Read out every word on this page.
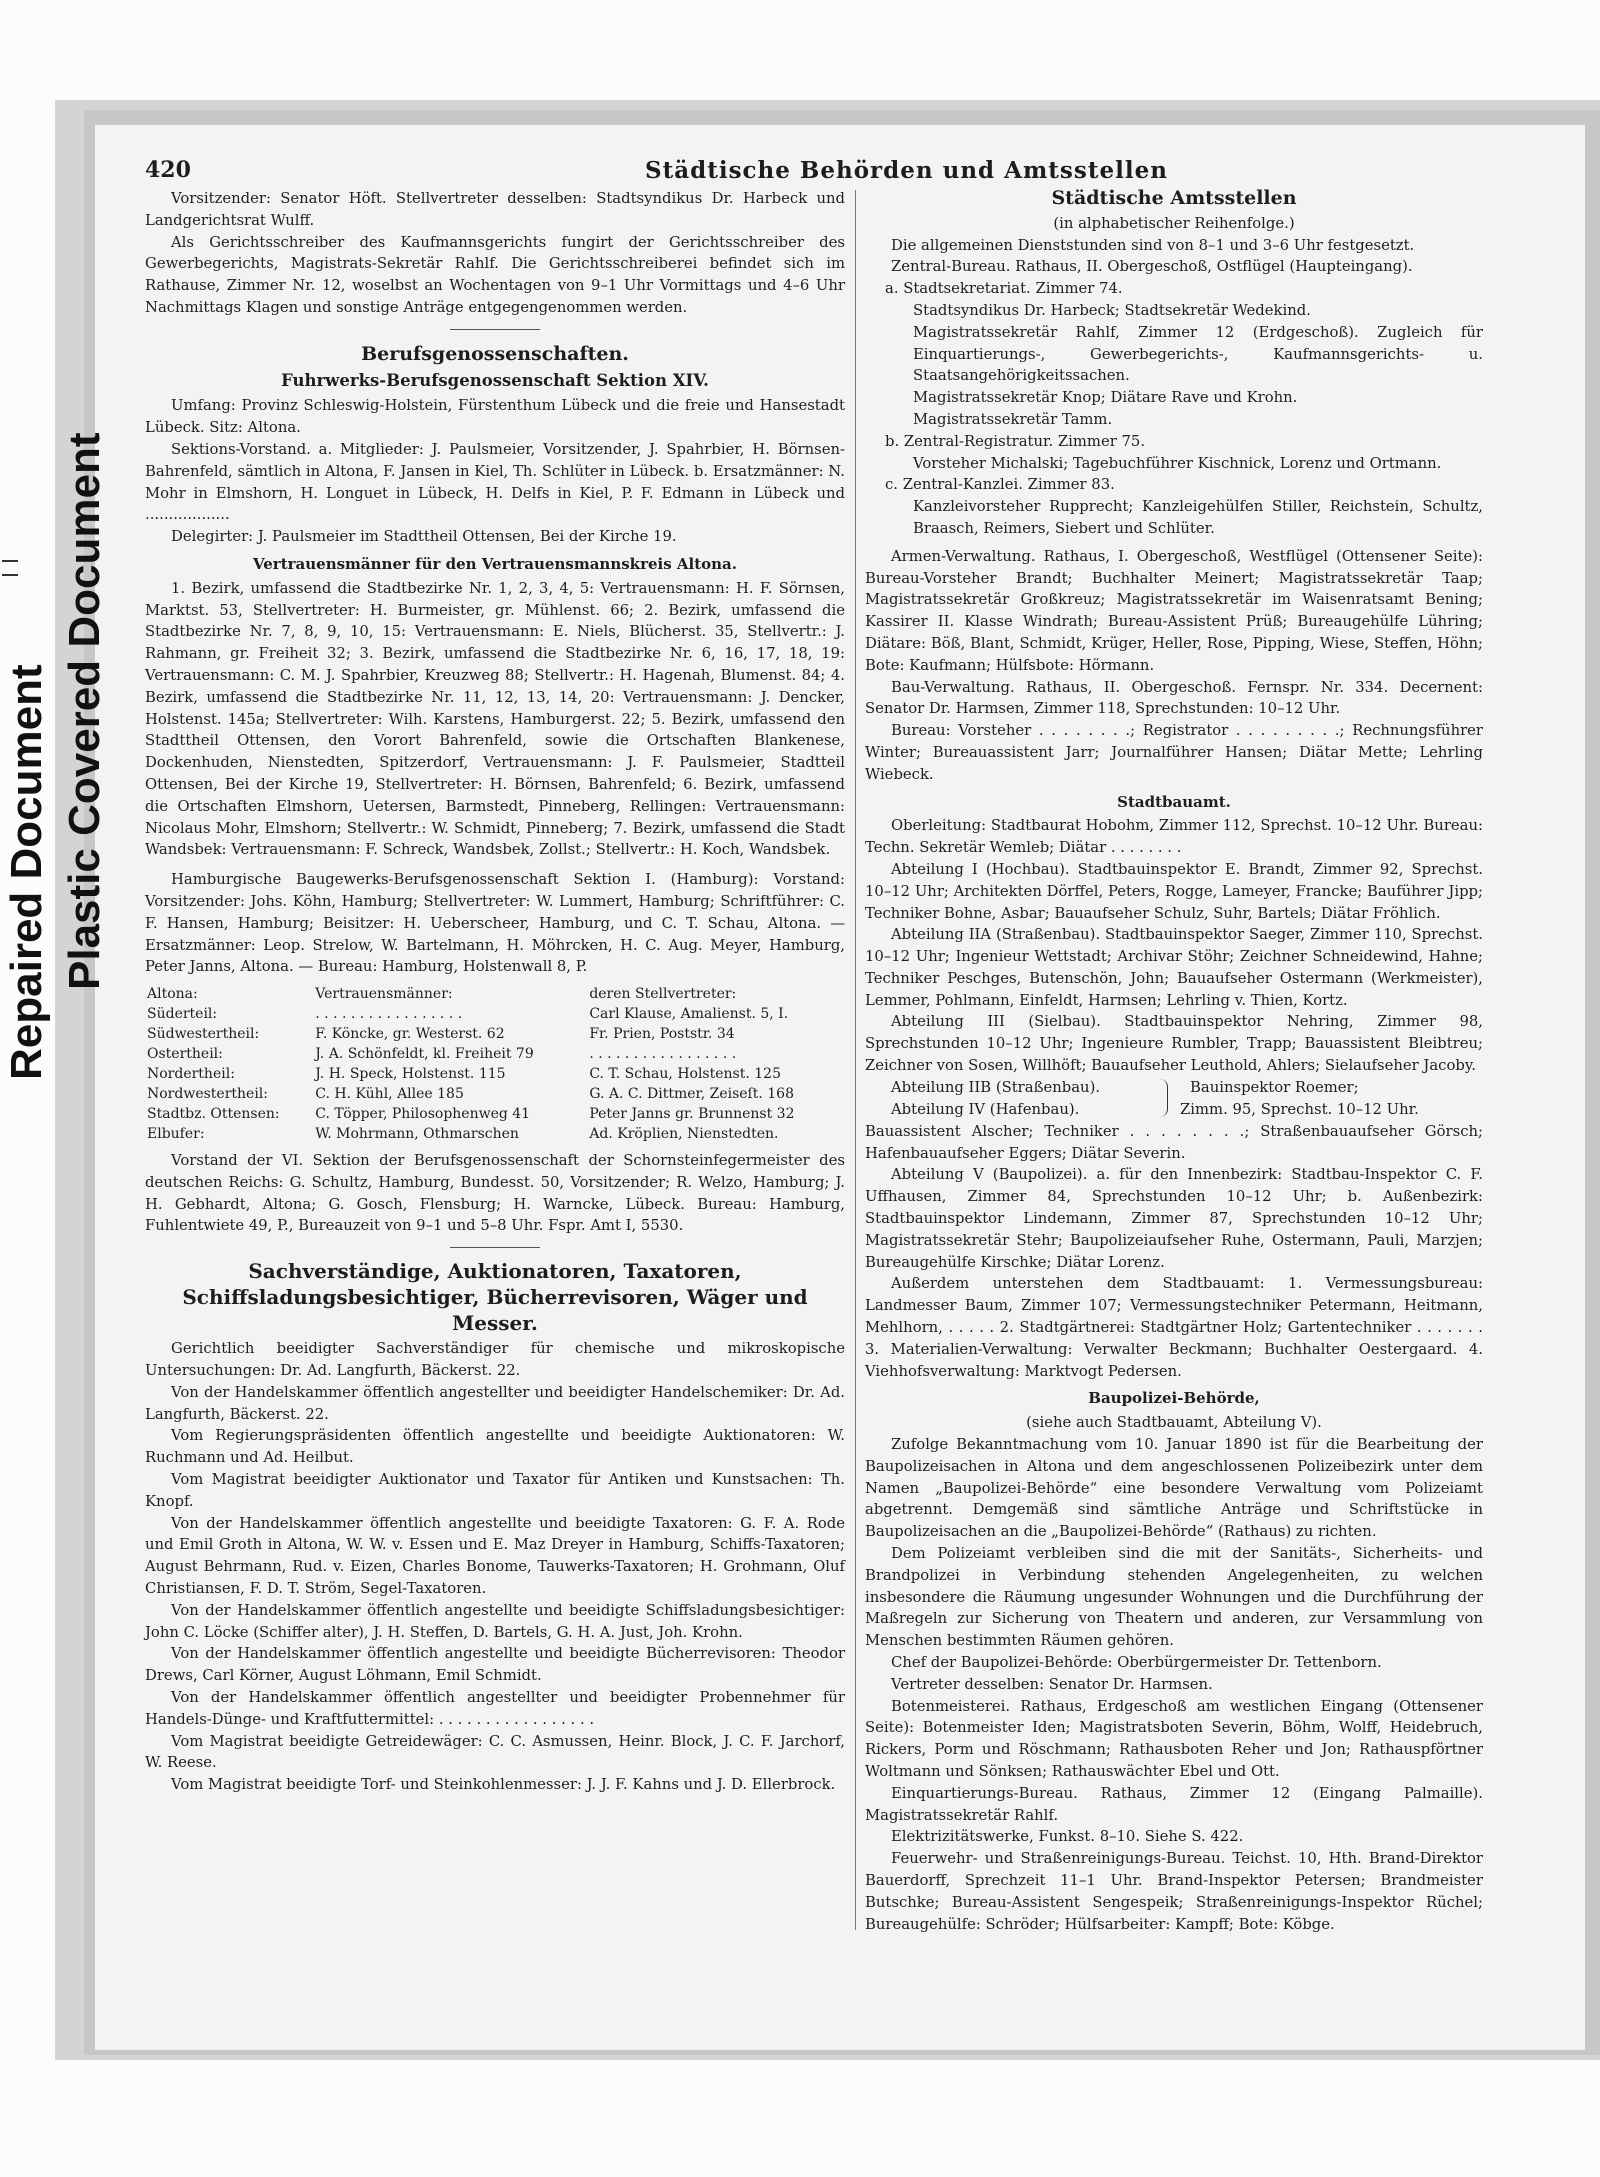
Repaired Document Plastic Covered Document
420	Städtische Behörden und Amtsstellen

Vorsitzender: Senator Höft. Stellvertreter desselben: Stadtsyndikus Dr. Harbeck und Landgerichtsrat Wulff.

Als Gerichtsschreiber des Kaufmannsgerichts fungirt der Gerichtsschreiber des Gewerbegerichts, Magistrats-Sekretär Rahlf. Die Gerichtsschreiberei befindet sich im Rathause, Zimmer Nr. 12, woselbst an Wochentagen von 9–1 Uhr Vormittags und 4–6 Uhr Nachmittags Klagen und sonstige Anträge entgegengenommen werden.

Berufsgenossenschaften.

Fuhrwerks-Berufsgenossenschaft Sektion XIV.

Umfang: Provinz Schleswig-Holstein, Fürstenthum Lübeck und die freie und Hansestadt Lübeck. Sitz: Altona.

Sektions-Vorstand. a. Mitglieder: J. Paulsmeier, Vorsitzender, J. Spahrbier, H. Börnsen-Bahrenfeld, sämtlich in Altona, F. Jansen in Kiel, Th. Schlüter in Lübeck. b. Ersatzmänner: N. Mohr in Elmshorn, H. Longuet in Lübeck, H. Delfs in Kiel, P. F. Edmann in Lübeck und ..................

Delegirter: J. Paulsmeier im Stadttheil Ottensen, Bei der Kirche 19.

Vertrauensmänner für den Vertrauensmannskreis Altona.

1. Bezirk, umfassend die Stadtbezirke Nr. 1, 2, 3, 4, 5: Vertrauensmann: H. F. Sörnsen, Marktst. 53, Stellvertreter: H. Burmeister, gr. Mühlenst. 66; 2. Bezirk, umfassend die Stadtbezirke Nr. 7, 8, 9, 10, 15: Vertrauensmann: E. Niels, Blücherst. 35, Stellvertr.: J. Rahmann, gr. Freiheit 32; 3. Bezirk, umfassend die Stadtbezirke Nr. 6, 16, 17, 18, 19: Vertrauensmann: C. M. J. Spahrbier, Kreuzweg 88; Stellvertr.: H. Hagenah, Blumenst. 84; 4. Bezirk, umfassend die Stadtbezirke Nr. 11, 12, 13, 14, 20: Vertrauensmann: J. Dencker, Holstenst. 145a; Stellvertreter: Wilh. Karstens, Hamburgerst. 22; 5. Bezirk, umfassend den Stadttheil Ottensen, den Vorort Bahrenfeld, sowie die Ortschaften Blankenese, Dockenhuden, Nienstedten, Spitzerdorf, Vertrauensmann: J. F. Paulsmeier, Stadtteil Ottensen, Bei der Kirche 19, Stellvertreter: H. Börnsen, Bahrenfeld; 6. Bezirk, umfassend die Ortschaften Elmshorn, Uetersen, Barmstedt, Pinneberg, Rellingen: Vertrauensmann: Nicolaus Mohr, Elmshorn; Stellvertr.: W. Schmidt, Pinneberg; 7. Bezirk, umfassend die Stadt Wandsbek: Vertrauensmann: F. Schreck, Wandsbek, Zollst.; Stellvertr.: H. Koch, Wandsbek.

Hamburgische Baugewerks-Berufsgenossenschaft Sektion I. (Hamburg): Vorstand: Vorsitzender: Johs. Köhn, Hamburg; Stellvertreter: W. Lummert, Hamburg; Schriftführer: C. F. Hansen, Hamburg; Beisitzer: H. Ueberscheer, Hamburg, und C. T. Schau, Altona. — Ersatzmänner: Leop. Strelow, W. Bartelmann, H. Möhrcken, H. C. Aug. Meyer, Hamburg, Peter Janns, Altona. — Bureau: Hamburg, Holstenwall 8, P.

Altona:	Vertrauensmänner:	deren Stellvertreter:
Süderteil:	. . . . . . . . . . . . . . . . .	Carl Klause, Amalienst. 5, I.
Südwestertheil:	F. Köncke, gr. Westerst. 62	Fr. Prien, Poststr. 34
Ostertheil:	J. A. Schönfeldt, kl. Freiheit 79	. . . . . . . . . . . . . . . . .
Nordertheil:	J. H. Speck, Holstenst. 115	C. T. Schau, Holstenst. 125
Nordwestertheil:	C. H. Kühl, Allee 185	G. A. C. Dittmer, Zeiseſt. 168
Stadtbz. Ottensen:	C. Töpper, Philosophenweg 41	Peter Janns gr. Brunnenst 32
Elbufer:	W. Mohrmann, Othmarschen	Ad. Kröplien, Nienstedten.

Vorstand der VI. Sektion der Berufsgenossenschaft der Schornsteinfegermeister des deutschen Reichs: G. Schultz, Hamburg, Bundesst. 50, Vorsitzender; R. Welzo, Hamburg; J. H. Gebhardt, Altona; G. Gosch, Flensburg; H. Warncke, Lübeck. Bureau: Hamburg, Fuhlentwiete 49, P., Bureauzeit von 9–1 und 5–8 Uhr. Fspr. Amt I, 5530.

Sachverständige, Auktionatoren, Taxatoren, Schiffsladungsbesichtiger, Bücherrevisoren, Wäger und Messer.

Gerichtlich beeidigter Sachverständiger für chemische und mikroskopische Untersuchungen: Dr. Ad. Langfurth, Bäckerst. 22.

Von der Handelskammer öffentlich angestellter und beeidigter Handelschemiker: Dr. Ad. Langfurth, Bäckerst. 22.

Vom Regierungspräsidenten öffentlich angestellte und beeidigte Auktionatoren: W. Ruchmann und Ad. Heilbut.

Vom Magistrat beeidigter Auktionator und Taxator für Antiken und Kunstsachen: Th. Knopf.

Von der Handelskammer öffentlich angestellte und beeidigte Taxatoren: G. F. A. Rode und Emil Groth in Altona, W. W. v. Essen und E. Maz Dreyer in Hamburg, Schiffs-Taxatoren; August Behrmann, Rud. v. Eizen, Charles Bonome, Tauwerks-Taxatoren; H. Grohmann, Oluf Christiansen, F. D. T. Ström, Segel-Taxatoren.

Von der Handelskammer öffentlich angestellte und beeidigte Schiffsladungsbesichtiger: John C. Löcke (Schiffer alter), J. H. Steffen, D. Bartels, G. H. A. Just, Joh. Krohn.

Von der Handelskammer öffentlich angestellte und beeidigte Bücherrevisoren: Theodor Drews, Carl Körner, August Löhmann, Emil Schmidt.

Von der Handelskammer öffentlich angestellter und beeidigter Probennehmer für Handels-Dünge- und Kraftfuttermittel: . . . . . . . . . . . . . . . . .

Vom Magistrat beeidigte Getreidewäger: C. C. Asmussen, Heinr. Block, J. C. F. Jarchorf, W. Reese.

Vom Magistrat beeidigte Torf- und Steinkohlenmesser: J. J. F. Kahns und J. D. Ellerbrock.

Städtische Amtsstellen

(in alphabetischer Reihenfolge.)

Die allgemeinen Dienststunden sind von 8–1 und 3–6 Uhr festgesetzt.

Zentral-Bureau. Rathaus, II. Obergeschoß, Ostflügel (Haupteingang).

a. Stadtsekretariat. Zimmer 74.

Stadtsyndikus Dr. Harbeck; Stadtsekretär Wedekind.

Magistratssekretär Rahlf, Zimmer 12 (Erdgeschoß). Zugleich für Einquartierungs-, Gewerbegerichts-, Kaufmannsgerichts- u. Staatsangehörigkeitssachen.

Magistratssekretär Knop; Diätare Rave und Krohn.

Magistratssekretär Tamm.

b. Zentral-Registratur. Zimmer 75.

Vorsteher Michalski; Tagebuchführer Kischnick, Lorenz und Ortmann.

c. Zentral-Kanzlei. Zimmer 83.

Kanzleivorsteher Rupprecht; Kanzleigehülfen Stiller, Reichstein, Schultz, Braasch, Reimers, Siebert und Schlüter.

Armen-Verwaltung. Rathaus, I. Obergeschoß, Westflügel (Ottensener Seite): Bureau-Vorsteher Brandt; Buchhalter Meinert; Magistratssekretär Taap; Magistratssekretär Großkreuz; Magistratssekretär im Waisenratsamt Bening; Kassirer II. Klasse Windrath; Bureau-Assistent Prüß; Bureaugehülfe Lühring; Diätare: Böß, Blant, Schmidt, Krüger, Heller, Rose, Pipping, Wiese, Steffen, Höhn; Bote: Kaufmann; Hülfsbote: Hörmann.

Bau-Verwaltung. Rathaus, II. Obergeschoß. Fernspr. Nr. 334. Decernent: Senator Dr. Harmsen, Zimmer 118, Sprechstunden: 10–12 Uhr.

Bureau: Vorsteher . . . . . . . .; Registrator . . . . . . . . .; Rechnungsführer Winter; Bureauassistent Jarr; Journalführer Hansen; Diätar Mette; Lehrling Wiebeck.

Stadtbauamt.

Oberleitung: Stadtbaurat Hobohm, Zimmer 112, Sprechst. 10–12 Uhr. Bureau: Techn. Sekretär Wemleb; Diätar . . . . . . . .

Abteilung I (Hochbau). Stadtbauinspektor E. Brandt, Zimmer 92, Sprechst. 10–12 Uhr; Architekten Dörffel, Peters, Rogge, Lameyer, Francke; Bauführer Jipp; Techniker Bohne, Asbar; Bauaufseher Schulz, Suhr, Bartels; Diätar Fröhlich.

Abteilung IIA (Straßenbau). Stadtbauinspektor Saeger, Zimmer 110, Sprechst. 10–12 Uhr; Ingenieur Wettstadt; Archivar Stöhr; Zeichner Schneidewind, Hahne; Techniker Peschges, Butenschön, John; Bauaufseher Ostermann (Werkmeister), Lemmer, Pohlmann, Einfeldt, Harmsen; Lehrling v. Thien, Kortz.

Abteilung III (Sielbau). Stadtbauinspektor Nehring, Zimmer 98, Sprechstunden 10–12 Uhr; Ingenieure Rumbler, Trapp; Bauassistent Bleibtreu; Zeichner von Sosen, Willhöft; Bauaufseher Leuthold, Ahlers; Sielaufseher Jacoby.

Abteilung IIB (Straßenbau).
Abteilung IV (Hafenbau).
Bauinspektor Roemer;
Zimm. 95, Sprechst. 10–12 Uhr.

Bauassistent Alscher; Techniker . . . . . . . .; Straßenbauaufseher Görsch; Hafenbauaufseher Eggers; Diätar Severin.

Abteilung V (Baupolizei). a. für den Innenbezirk: Stadtbau-Inspektor C. F. Uffhausen, Zimmer 84, Sprechstunden 10–12 Uhr; b. Außenbezirk: Stadtbauinspektor Lindemann, Zimmer 87, Sprechstunden 10–12 Uhr; Magistratssekretär Stehr; Baupolizeiaufseher Ruhe, Ostermann, Pauli, Marzjen; Bureaugehülfe Kirschke; Diätar Lorenz.

Außerdem unterstehen dem Stadtbauamt: 1. Vermessungsbureau: Landmesser Baum, Zimmer 107; Vermessungstechniker Petermann, Heitmann, Mehlhorn, . . . . . 2. Stadtgärtnerei: Stadtgärtner Holz; Gartentechniker . . . . . . . 3. Materialien-Verwaltung: Verwalter Beckmann; Buchhalter Oestergaard. 4. Viehhofsverwaltung: Marktvogt Pedersen.

Baupolizei-Behörde,

(siehe auch Stadtbauamt, Abteilung V).

Zufolge Bekanntmachung vom 10. Januar 1890 ist für die Bearbeitung der Baupolizeisachen in Altona und dem angeschlossenen Polizeibezirk unter dem Namen „Baupolizei-Behörde“ eine besondere Verwaltung vom Polizeiamt abgetrennt. Demgemäß sind sämtliche Anträge und Schriftstücke in Baupolizeisachen an die „Baupolizei-Behörde“ (Rathaus) zu richten.

Dem Polizeiamt verbleiben sind die mit der Sanitäts-, Sicherheits- und Brandpolizei in Verbindung stehenden Angelegenheiten, zu welchen insbesondere die Räumung ungesunder Wohnungen und die Durchführung der Maßregeln zur Sicherung von Theatern und anderen, zur Versammlung von Menschen bestimmten Räumen gehören.

Chef der Baupolizei-Behörde: Oberbürgermeister Dr. Tettenborn.

Vertreter desselben: Senator Dr. Harmsen.

Botenmeisterei. Rathaus, Erdgeschoß am westlichen Eingang (Ottensener Seite): Botenmeister Iden; Magistratsboten Severin, Böhm, Wolff, Heidebruch, Rickers, Porm und Röschmann; Rathausboten Reher und Jon; Rathauspförtner Woltmann und Sönksen; Rathauswächter Ebel und Ott.

Einquartierungs-Bureau. Rathaus, Zimmer 12 (Eingang Palmaille). Magistratssekretär Rahlf.

Elektrizitätswerke, Funkst. 8–10. Siehe S. 422.

Feuerwehr- und Straßenreinigungs-Bureau. Teichst. 10, Hth. Brand-Direktor Bauerdorff, Sprechzeit 11–1 Uhr. Brand-Inspektor Petersen; Brandmeister Butschke; Bureau-Assistent Sengespeik; Straßenreinigungs-Inspektor Rüchel; Bureaugehülfe: Schröder; Hülfsarbeiter: Kampff; Bote: Köbge.
